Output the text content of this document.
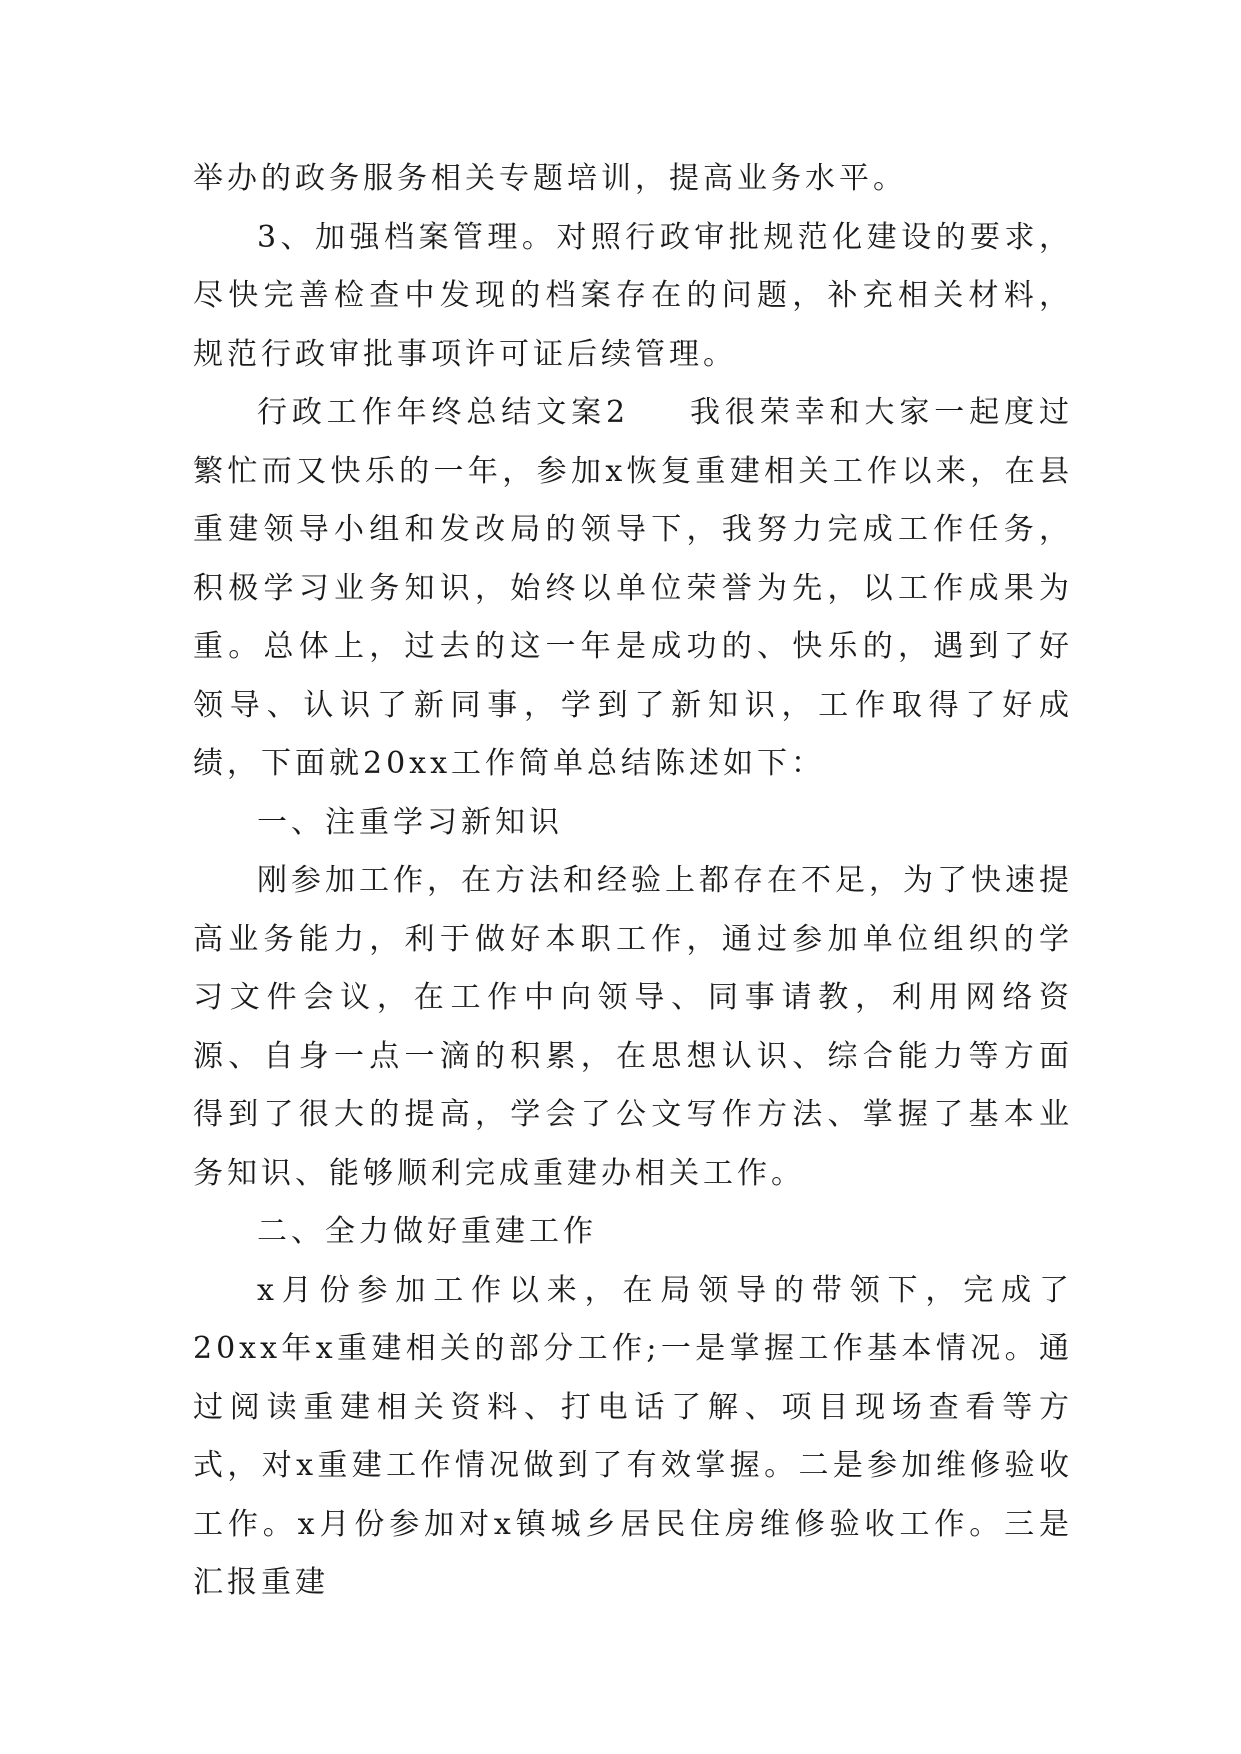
举办的政务服务相关专题培训，提高业务水平。

3、加强档案管理。对照行政审批规范化建设的要求，尽快完善检查中发现的档案存在的问题，补充相关材料，规范行政审批事项许可证后续管理。

行政工作年终总结文案2 我很荣幸和大家一起度过繁忙而又快乐的一年，参加x恢复重建相关工作以来，在县重建领导小组和发改局的领导下，我努力完成工作任务，积极学习业务知识，始终以单位荣誉为先，以工作成果为重。总体上，过去的这一年是成功的、快乐的，遇到了好领导、认识了新同事，学到了新知识，工作取得了好成绩，下面就20xx工作简单总结陈述如下：

一、注重学习新知识

刚参加工作，在方法和经验上都存在不足，为了快速提高业务能力，利于做好本职工作，通过参加单位组织的学习文件会议，在工作中向领导、同事请教，利用网络资源、自身一点一滴的积累，在思想认识、综合能力等方面得到了很大的提高，学会了公文写作方法、掌握了基本业务知识、能够顺利完成重建办相关工作。

二、全力做好重建工作

x月份参加工作以来，在局领导的带领下，完成了20xx年x重建相关的部分工作;一是掌握工作基本情况。通过阅读重建相关资料、打电话了解、项目现场查看等方式，对x重建工作情况做到了有效掌握。二是参加维修验收工作。x月份参加对x镇城乡居民住房维修验收工作。三是汇报重建
